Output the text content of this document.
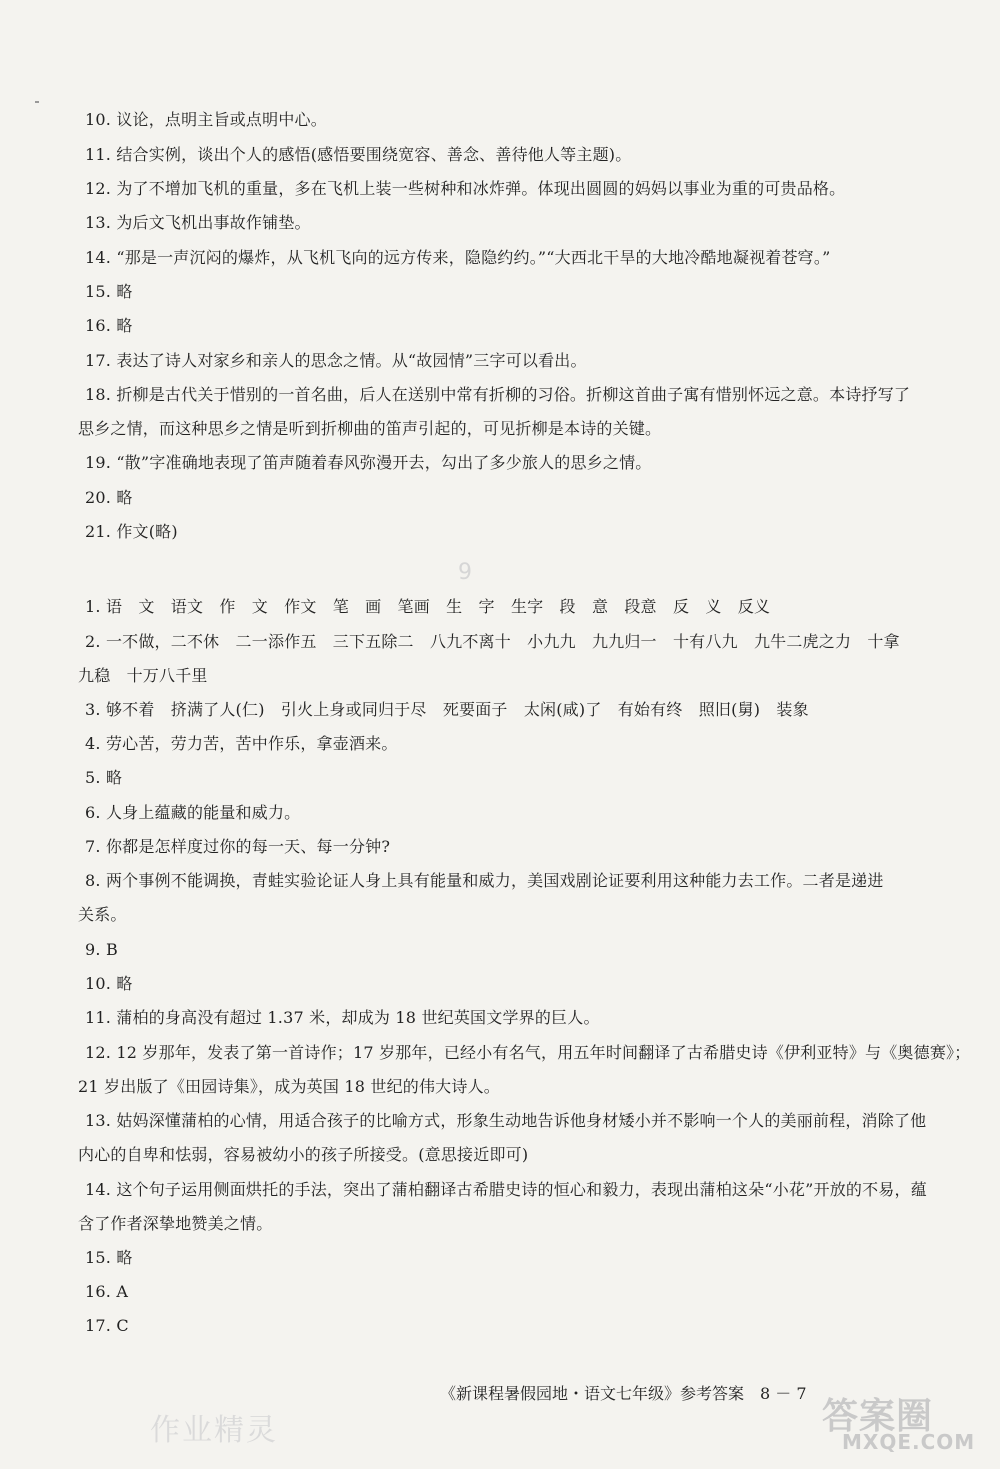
10. 议论，点明主旨或点明中心。
11. 结合实例，谈出个人的感悟(感悟要围绕宽容、善念、善待他人等主题)。
12. 为了不增加飞机的重量，多在飞机上装一些树种和冰炸弹。体现出圆圆的妈妈以事业为重的可贵品格。
13. 为后文飞机出事故作铺垫。
14. “那是一声沉闷的爆炸，从飞机飞向的远方传来，隐隐约约。”“大西北干旱的大地冷酷地凝视着苍穹。”
15. 略
16. 略
17. 表达了诗人对家乡和亲人的思念之情。从“故园情”三字可以看出。
18. 折柳是古代关于惜别的一首名曲，后人在送别中常有折柳的习俗。折柳这首曲子寓有惜别怀远之意。本诗抒写了
思乡之情，而这种思乡之情是听到折柳曲的笛声引起的，可见折柳是本诗的关键。
19. “散”字准确地表现了笛声随着春风弥漫开去，勾出了多少旅人的思乡之情。
20. 略
21. 作文(略)
9
1. 语　文　语文　作　文　作文　笔　画　笔画　生　字　生字　段　意　段意　反　义　反义
2. 一不做，二不休　二一添作五　三下五除二　八九不离十　小九九　九九归一　十有八九　九牛二虎之力　十拿
九稳　十万八千里
3. 够不着　挤满了人(仁)　引火上身或同归于尽　死要面子　太闲(咸)了　有始有终　照旧(舅)　装象
4. 劳心苦，劳力苦，苦中作乐，拿壶酒来。
5. 略
6. 人身上蕴藏的能量和威力。
7. 你都是怎样度过你的每一天、每一分钟?
8. 两个事例不能调换，青蛙实验论证人身上具有能量和威力，美国戏剧论证要利用这种能力去工作。二者是递进
关系。
9. B
10. 略
11. 蒲柏的身高没有超过 1.37 米，却成为 18 世纪英国文学界的巨人。
12. 12 岁那年，发表了第一首诗作；17 岁那年，已经小有名气，用五年时间翻译了古希腊史诗《伊利亚特》与《奥德赛》；
21 岁出版了《田园诗集》，成为英国 18 世纪的伟大诗人。
13. 姑妈深懂蒲柏的心情，用适合孩子的比喻方式，形象生动地告诉他身材矮小并不影响一个人的美丽前程，消除了他
内心的自卑和怯弱，容易被幼小的孩子所接受。(意思接近即可)
14. 这个句子运用侧面烘托的手法，突出了蒲柏翻译古希腊史诗的恒心和毅力，表现出蒲柏这朵“小花”开放的不易，蕴
含了作者深挚地赞美之情。
15. 略
16. A
17. C
《新课程暑假园地・语文七年级》参考答案　8 － 7
作业精灵	答案圈
MXQE.COM
